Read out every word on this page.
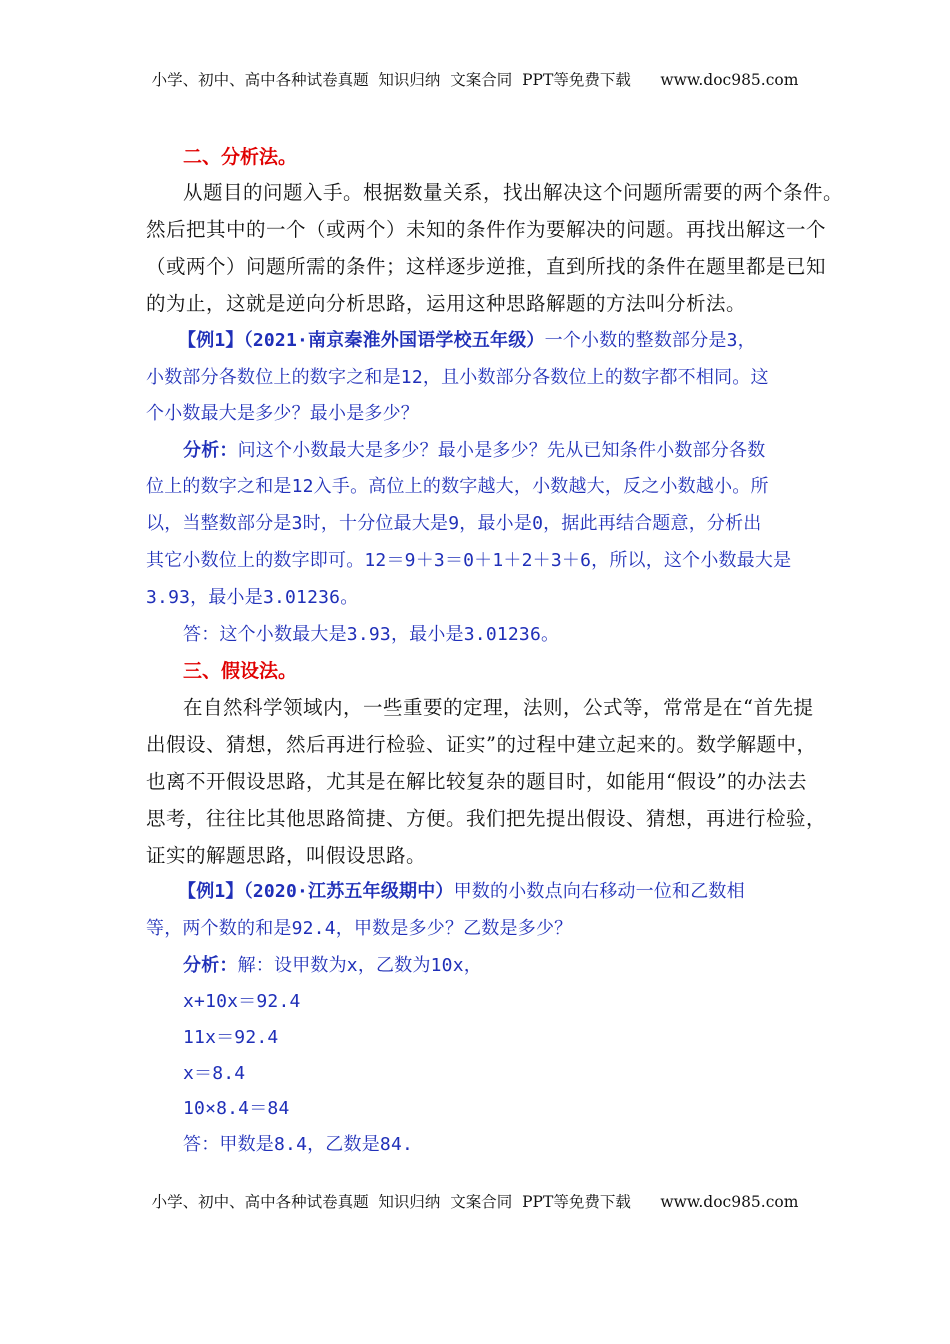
小学、初中、高中各种试卷真题  知识归纳  文案合同  PPT等免费下载      www.doc985.com
二、分析法。
从题目的问题入手。根据数量关系，找出解决这个问题所需要的两个条件。
然后把其中的一个（或两个）未知的条件作为要解决的问题。再找出解这一个
（或两个）问题所需的条件；这样逐步逆推，直到所找的条件在题里都是已知
的为止，这就是逆向分析思路，运用这种思路解题的方法叫分析法。
【例1】（2021·南京秦淮外国语学校五年级）一个小数的整数部分是3，
小数部分各数位上的数字之和是12，且小数部分各数位上的数字都不相同。这
个小数最大是多少？最小是多少？
分析：问这个小数最大是多少？最小是多少？先从已知条件小数部分各数
位上的数字之和是12入手。高位上的数字越大，小数越大，反之小数越小。所
以，当整数部分是3时，十分位最大是9，最小是0，据此再结合题意，分析出
其它小数位上的数字即可。12＝9＋3＝0＋1＋2＋3＋6，所以，这个小数最大是
3.93，最小是3.01236。
答：这个小数最大是3.93，最小是3.01236。
三、假设法。
在自然科学领域内，一些重要的定理，法则，公式等，常常是在“首先提
出假设、猜想，然后再进行检验、证实”的过程中建立起来的。数学解题中，
也离不开假设思路，尤其是在解比较复杂的题目时，如能用“假设”的办法去
思考，往往比其他思路简捷、方便。我们把先提出假设、猜想，再进行检验，
证实的解题思路，叫假设思路。
【例1】（2020·江苏五年级期中）甲数的小数点向右移动一位和乙数相
等，两个数的和是92.4，甲数是多少？乙数是多少？
分析：解：设甲数为x，乙数为10x，
x+10x＝92.4
11x＝92.4
x＝8.4
10×8.4＝84
答：甲数是8.4，乙数是84.
小学、初中、高中各种试卷真题  知识归纳  文案合同  PPT等免费下载      www.doc985.com
